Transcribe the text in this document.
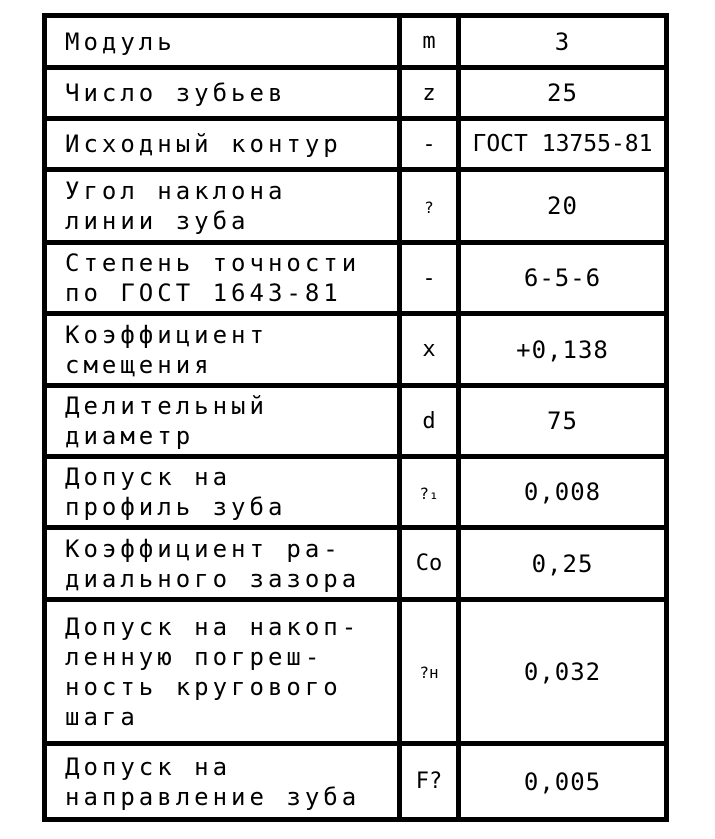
Модуль	m	3

Число зубьев	z	25

Исходный контур	-	ГОСТ 13755-81

Угол наклона
линии зуба	?	20

Степень точности
по ГОСТ 1643-81	-	6-5-6

Коэффициент
смещения	x	+0,138

Делительный
диаметр	d	75

Допуск на
профиль зуба	?₁	0,008

Коэффициент ра-
диального зазора	Co	0,25

Допуск на накоп-
ленную погреш-
ность кругового
шага	?н	0,032

Допуск на
направление зуба	F?	0,005
